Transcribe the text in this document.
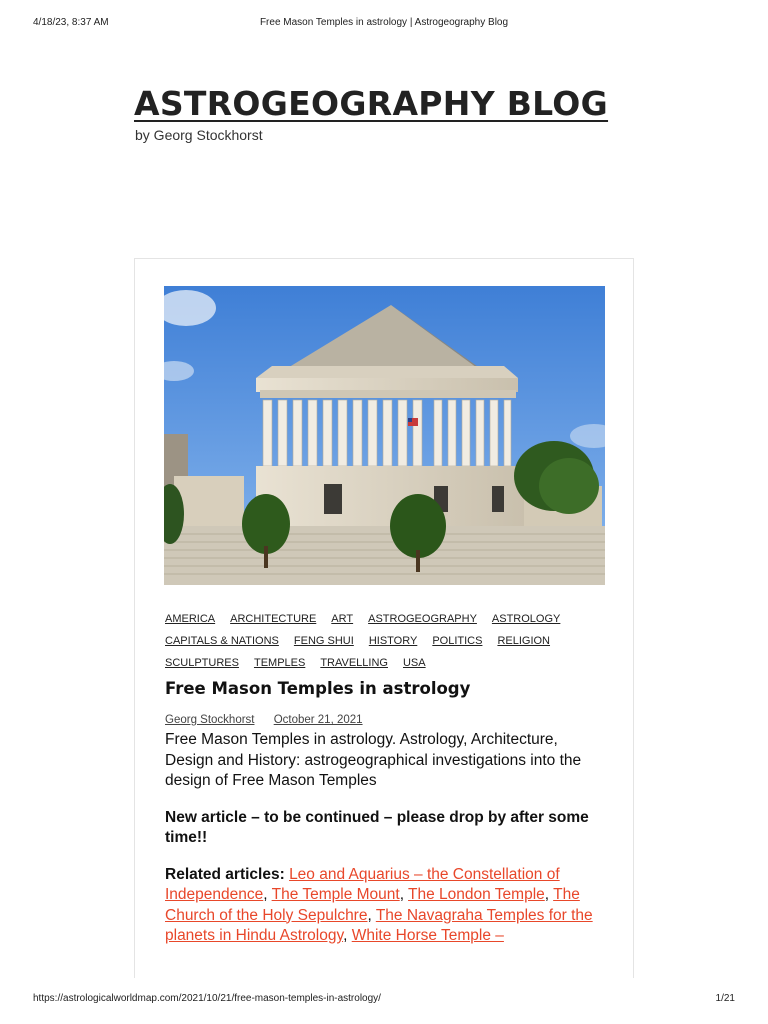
4/18/23, 8:37 AM	Free Mason Temples in astrology | Astrogeography Blog
ASTROGEOGRAPHY BLOG
by Georg Stockhorst
AMERICA ARCHITECTURE ART ASTROGEOGRAPHY ASTROLOGY
CAPITALS & NATIONS FENG SHUI HISTORY POLITICS RELIGION
SCULPTURES TEMPLES TRAVELLING USA
Free Mason Temples in astrology
Georg Stockhorst October 21, 2021

Free Mason Temples in astrology. Astrology, Architecture, Design and History: astrogeographical investigations into the design of Free Mason Temples

New article – to be continued – please drop by after some time!!

Related articles: Leo and Aquarius – the Constellation of Independence, The Temple Mount, The London Temple, The Church of the Holy Sepulchre, The Navagraha Temples for the planets in Hindu Astrology, White Horse Temple –

https://astrologicalworldmap.com/2021/10/21/free-mason-temples-in-astrology/	1/21
